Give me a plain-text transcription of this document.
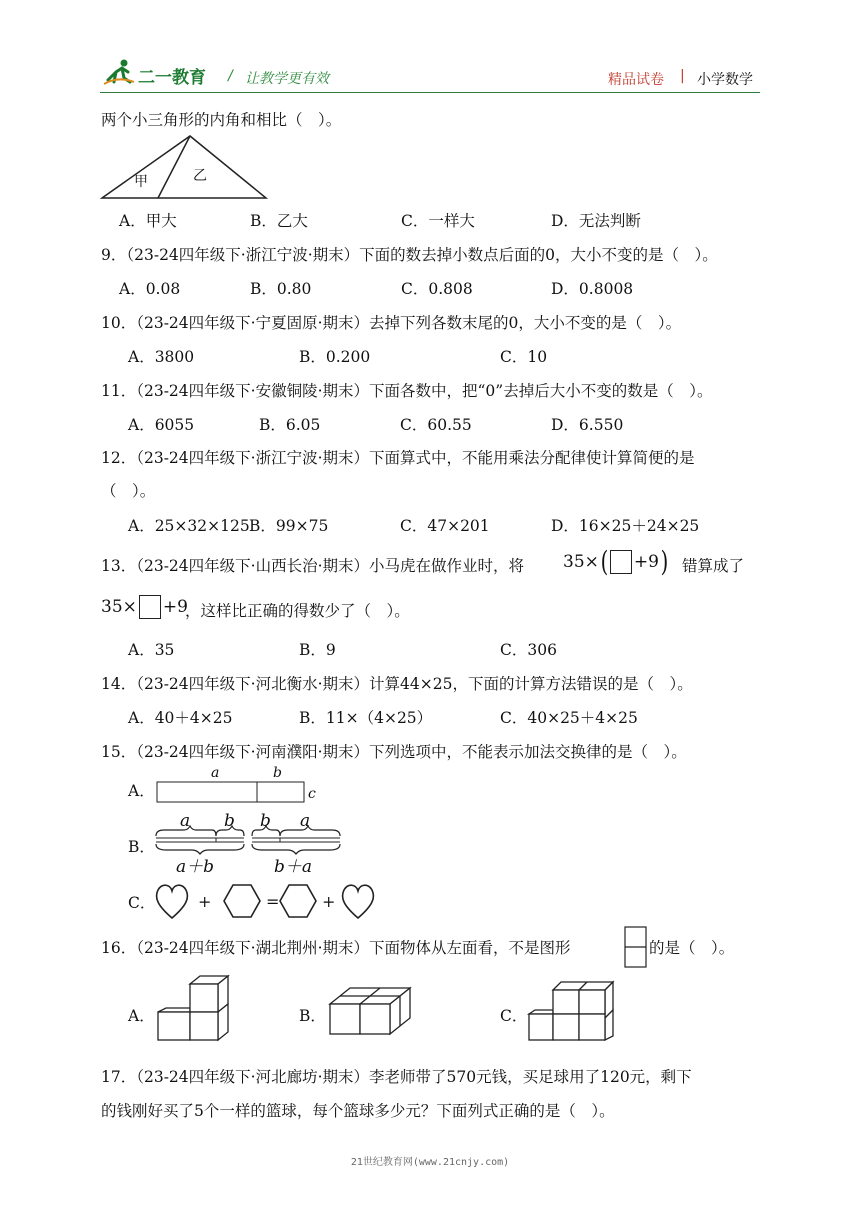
二一教育 / 让教学更有效	精品试卷 | 小学数学
两个小三角形的内角和相比（　）。
甲	乙
A．甲大	B．乙大	C．一样大	D．无法判断
9．（23-24四年级下·浙江宁波·期末）下面的数去掉小数点后面的0，大小不变的是（　）。
A．0.08	B．0.80	C．0.808	D．0.8008
10．（23-24四年级下·宁夏固原·期末）去掉下列各数末尾的0，大小不变的是（　）。
A．3800	B．0.200	C．10
11．（23-24四年级下·安徽铜陵·期末）下面各数中，把“0”去掉后大小不变的数是（　）。
A．6055	B．6.05	C．60.55	D．6.550
12．（23-24四年级下·浙江宁波·期末）下面算式中，不能用乘法分配律使计算简便的是
（　）。
A．25×32×125 B．99×75	C．47×201	D．16×25＋24×25
13．（23-24四年级下·山西长治·期末）小马虎在做作业时，将 35× ( +9 ) 错算成了
35× +9
，这样比正确的得数少了（　）。
A．35	B．9	C．306
14．（23-24四年级下·河北衡水·期末）计算44×25，下面的计算方法错误的是（　）。
A．40＋4×25	B．11×（4×25）	C．40×25＋4×25
15．（23-24四年级下·河南濮阳·期末）下列选项中，不能表示加法交换律的是（　）。
A．
a	b
c
B．
a b
a＋b
b a
b＋a
C．	+	=	+
16．（23-24四年级下·湖北荆州·期末）下面物体从左面看，不是图形	的是（　）。
A．	B．	C．
17．（23-24四年级下·河北廊坊·期末）李老师带了570元钱，买足球用了120元，剩下
的钱刚好买了5个一样的篮球，每个篮球多少元？下面列式正确的是（　）。
21世纪教育网(www.21cnjy.com)
